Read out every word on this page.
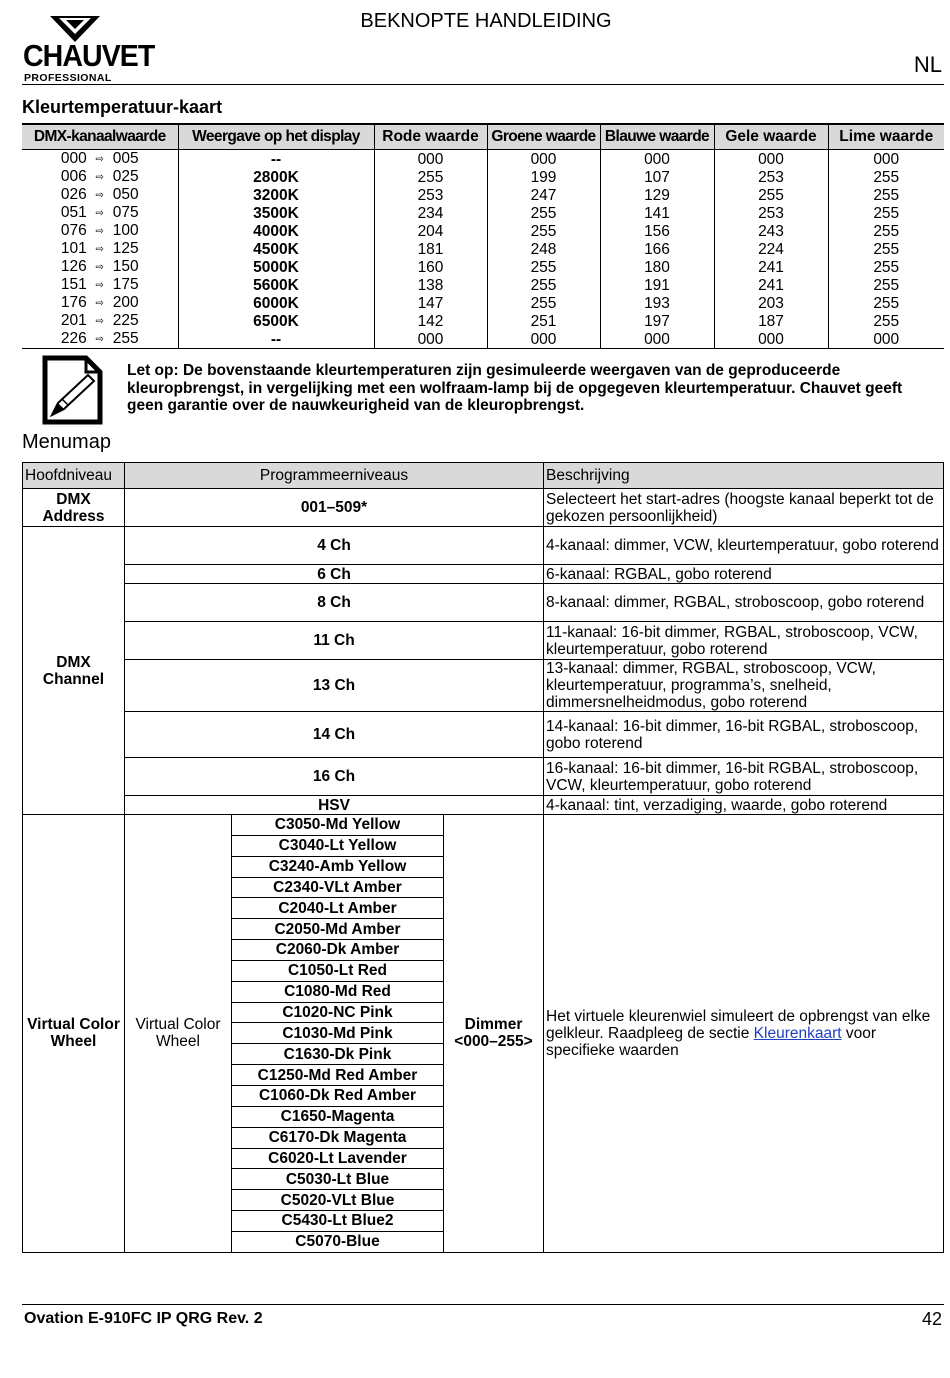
CHAUVET
PROFESSIONAL
BEKNOPTE HANDLEIDING
NL
Kleurtemperatuur-kaart
DMX-kanaalwaarde	Weergave op het display	Rode waarde	Groene waarde	Blauwe waarde	Gele waarde	Lime waarde
000 ⇨ 005	--	000	000	000	000	000
006 ⇨ 025	2800K	255	199	107	253	255
026 ⇨ 050	3200K	253	247	129	255	255
051 ⇨ 075	3500K	234	255	141	253	255
076 ⇨ 100	4000K	204	255	156	243	255
101 ⇨ 125	4500K	181	248	166	224	255
126 ⇨ 150	5000K	160	255	180	241	255
151 ⇨ 175	5600K	138	255	191	241	255
176 ⇨ 200	6000K	147	255	193	203	255
201 ⇨ 225	6500K	142	251	197	187	255
226 ⇨ 255	--	000	000	000	000	000
Let op: De bovenstaande kleurtemperaturen zijn gesimuleerde weergaven van de geproduceerde kleuropbrengst, in vergelijking met een wolfraam-lamp bij de opgegeven kleurtemperatuur. Chauvet geeft geen garantie over de nauwkeurigheid van de kleuropbrengst.
Menumap
Hoofdniveau	Programmeerniveaus			Beschrijving
DMX Address	001–509*			Selecteert het start-adres (hoogste kanaal beperkt tot de gekozen persoonlijkheid)
DMX Channel	4 Ch			4-kanaal: dimmer, VCW, kleurtemperatuur, gobo roterend
	6 Ch			6-kanaal: RGBAL, gobo roterend
	8 Ch			8-kanaal: dimmer, RGBAL, stroboscoop, gobo roterend
	11 Ch			11-kanaal: 16-bit dimmer, RGBAL, stroboscoop, VCW, kleurtemperatuur, gobo roterend
	13 Ch			13-kanaal: dimmer, RGBAL, stroboscoop, VCW, kleurtemperatuur, programma’s, snelheid, dimmersnelheidmodus, gobo roterend
	14 Ch			14-kanaal: 16-bit dimmer, 16-bit RGBAL, stroboscoop, gobo roterend
	16 Ch			16-kanaal: 16-bit dimmer, 16-bit RGBAL, stroboscoop, VCW, kleurtemperatuur, gobo roterend
	HSV			4-kanaal: tint, verzadiging, waarde, gobo roterend
Virtual Color Wheel	Virtual Color Wheel	C3050-Md Yellow	Dimmer <000–255>	Het virtuele kleurenwiel simuleert de opbrengst van elke gelkleur. Raadpleeg de sectie Kleurenkaart voor specifieke waarden
		C3040-Lt Yellow		
		C3240-Amb Yellow		
		C2340-VLt Amber		
		C2040-Lt Amber		
		C2050-Md Amber		
		C2060-Dk Amber		
		C1050-Lt Red		
		C1080-Md Red		
		C1020-NC Pink		
		C1030-Md Pink		
		C1630-Dk Pink		
		C1250-Md Red Amber		
		C1060-Dk Red Amber		
		C1650-Magenta		
		C6170-Dk Magenta		
		C6020-Lt Lavender		
		C5030-Lt Blue		
		C5020-VLt Blue		
		C5430-Lt Blue2		
		C5070-Blue		
Ovation E-910FC IP QRG Rev. 2	42
